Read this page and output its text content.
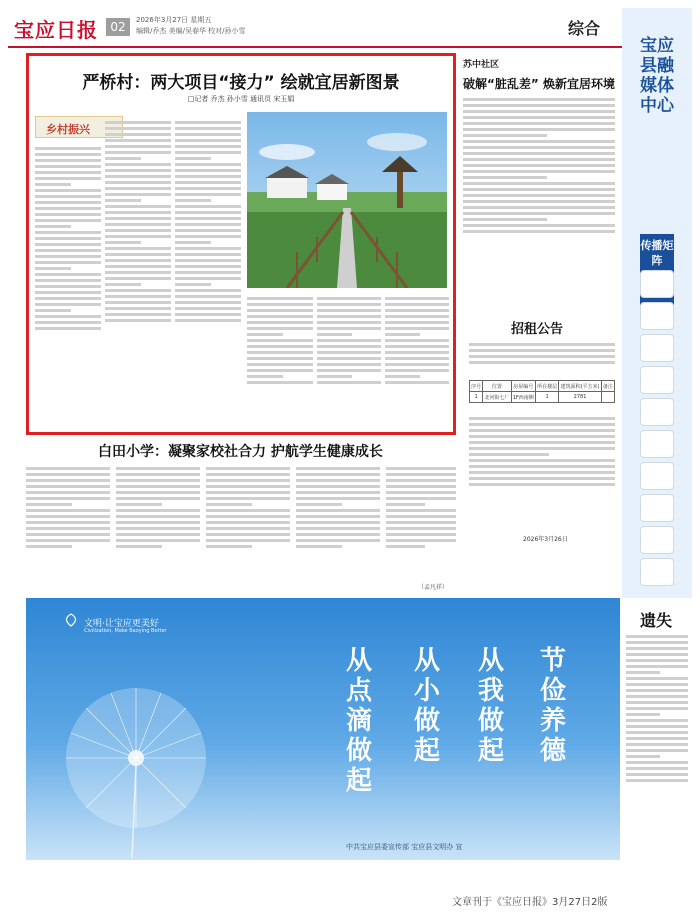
宝应日报	02	2026年3月27日 星期五
编辑/乔杰 美编/吴春华 校对/孙小雪	综合
严桥村：两大项目“接力” 绘就宜居新图景
□记者 乔杰 孙小雪 通讯员 宋玉娟
乡村振兴
苏中社区
破解“脏乱差” 焕新宜居环境
招租公告
序号	位置	房屋编号	所在楼层	建筑面积(平方米)	备注
1	北河街七厂	1F西南侧	1	2781	
2026年3月26日
宝应县融媒体中心
传播矩阵
白田小学：凝聚家校社合力 护航学生健康成长
（孟凡祥）
文明·让宝应更美好
Civilization, Make Baoying Better
从点滴做起
从小做起
从我做起
节俭养德
中共宝应县委宣传部 宝应县文明办 宣
遗失
文章刊于《宝应日报》3月27日2版
